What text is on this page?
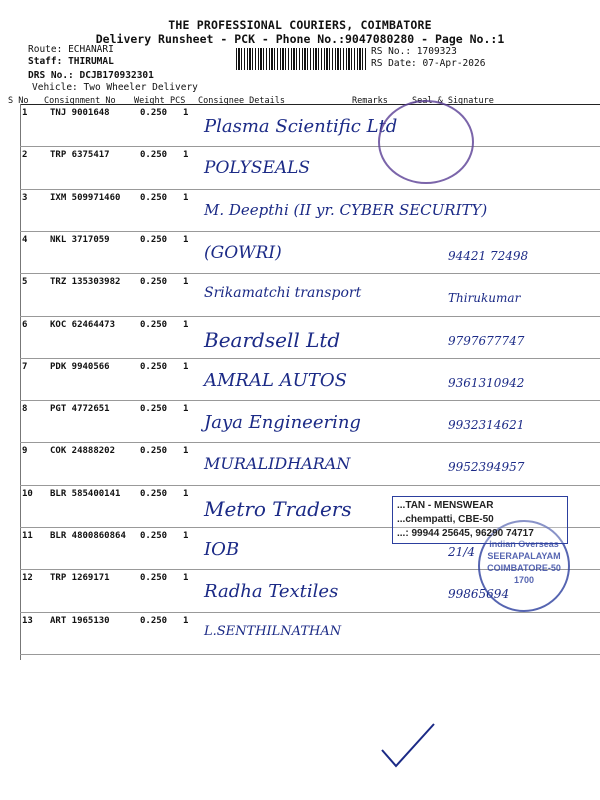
THE PROFESSIONAL COURIERS, COIMBATORE
Delivery Runsheet - PCK - Phone No.:9047080280 - Page No.:1
Route: ECHANARI
Staff: THIRUMAL
DRS No.: DCJB170932301
Vehicle: Two Wheeler Delivery
RS No.: 1709323
RS Date: 07-Apr-2026
S No Consignment No Weight PCS Consignee Details	Remarks	Seal & Signature
1	TNJ 9001648	0.250 1
Plasma Scientific Ltd
2	TRP 6375417	0.250 1
POLYSEALS
3	IXM 509971460 0.250 1
M. Deepthi (II yr. CYBER SECURITY)
4	NKL 3717059	0.250 1
(GOWRI)	94421 72498
5	TRZ 135303982 0.250 1
Srikamatchi transport	Thirukumar
6	KOC 62464473	0.250 1
Beardsell Ltd	9797677747
7	PDK 9940566	0.250 1
AMRAL AUTOS	9361310942
8	PGT 4772651	0.250 1
Jaya Engineering	9932314621
9	COK 24888202	0.250 1
MURALIDHARAN	9952394957
10 BLR 585400141 0.250 1
Metro Traders
11 BLR 4800860864 0.250 1
IOB	21/4
12 TRP 1269171	0.250 1
Radha Textiles	99865694
13 ART 1965130	0.250 1
L.SENTHILNATHAN
Indian Overseas
SEERAPALAYAM
COIMBATORE-50
1700
...TAN - MENSWEAR
...chempatti, CBE-50
...: 99944 25645, 96290 74717
